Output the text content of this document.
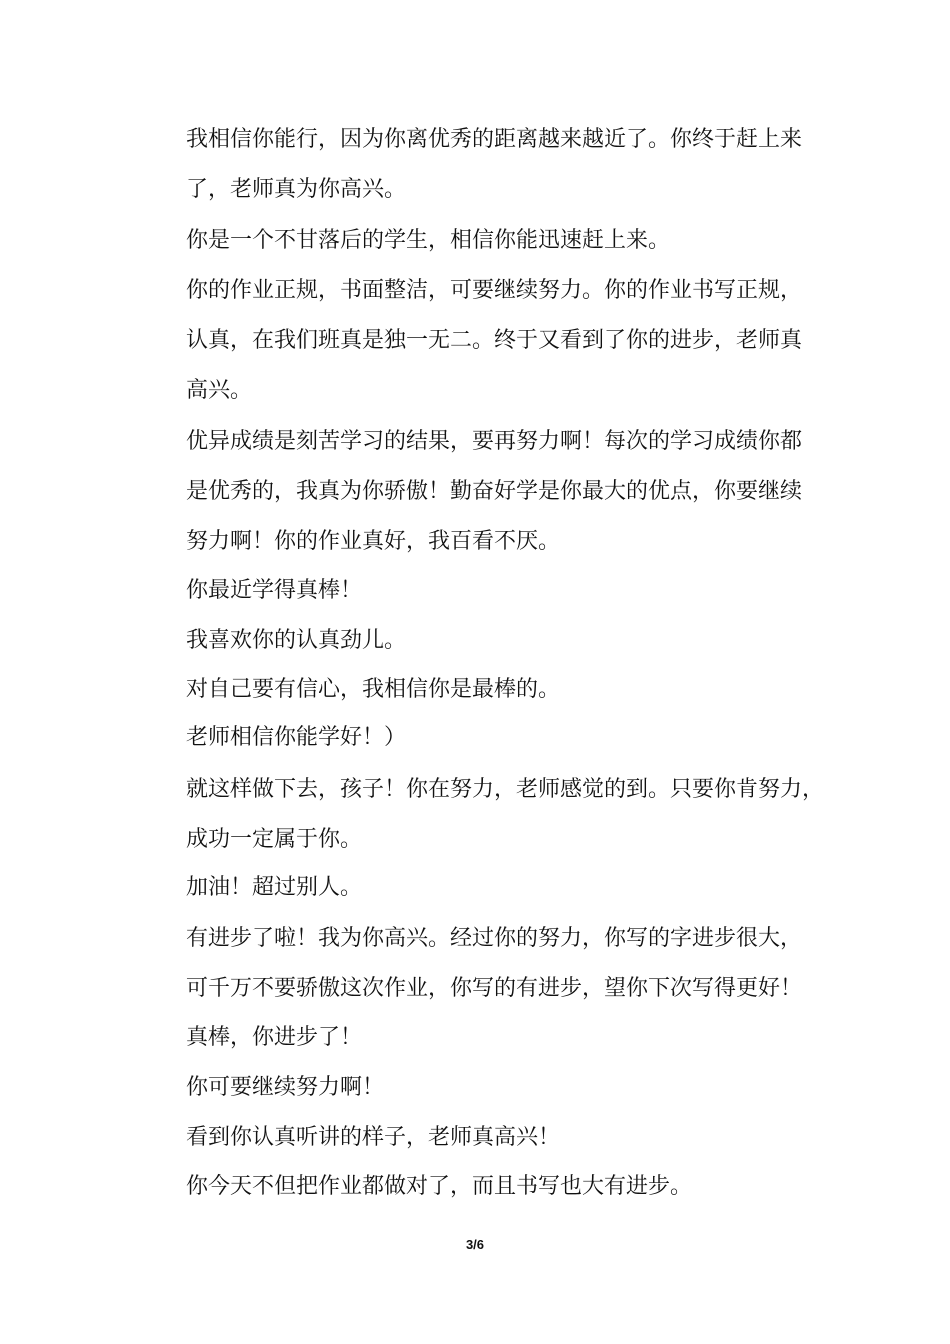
我相信你能行，因为你离优秀的距离越来越近了。你终于赶上来
了，老师真为你高兴。
你是一个不甘落后的学生，相信你能迅速赶上来。
你的作业正规，书面整洁，可要继续努力。你的作业书写正规，
认真，在我们班真是独一无二。终于又看到了你的进步，老师真
高兴。
优异成绩是刻苦学习的结果，要再努力啊！每次的学习成绩你都
是优秀的，我真为你骄傲！勤奋好学是你最大的优点，你要继续
努力啊！你的作业真好，我百看不厌。
你最近学得真棒！
我喜欢你的认真劲儿。
对自己要有信心，我相信你是最棒的。
老师相信你能学好！）
就这样做下去，孩子！你在努力，老师感觉的到。只要你肯努力，
成功一定属于你。
加油！超过别人。
有进步了啦！我为你高兴。经过你的努力，你写的字进步很大，
可千万不要骄傲这次作业，你写的有进步，望你下次写得更好！
真棒，你进步了！
你可要继续努力啊！
看到你认真听讲的样子，老师真高兴！
你今天不但把作业都做对了，而且书写也大有进步。
3/6
